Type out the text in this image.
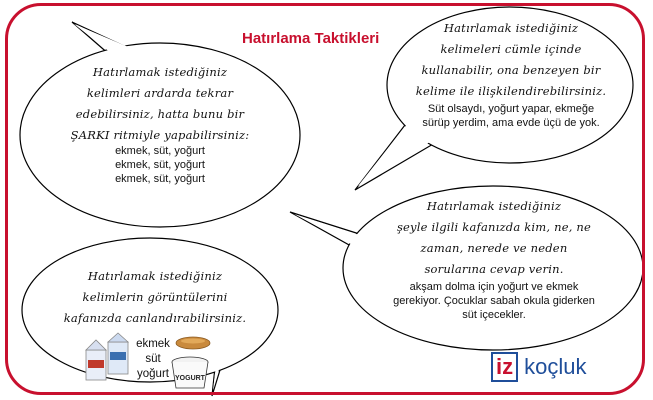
YOGURT
Hatırlama Taktikleri
Hatırlamak istediğiniz
kelimleri ardarda tekrar
edebilirsiniz, hatta bunu bir
ŞARKI ritmiyle yapabilirsiniz:
ekmek, süt, yoğurt
ekmek, süt, yoğurt
ekmek, süt, yoğurt
Hatırlamak istediğiniz
kelimeleri cümle içinde
kullanabilir, ona benzeyen bir
kelime ile ilişkilendirebilirsiniz.
Süt olsaydı, yoğurt yapar, ekmeğe
sürüp yerdim, ama evde üçü de yok.
Hatırlamak istediğiniz
şeyle ilgili kafanızda kim, ne, ne
zaman, nerede ve neden
sorularına cevap verin.
akşam dolma için yoğurt ve ekmek
gerekiyor. Çocuklar sabah okula giderken
süt içecekler.
Hatırlamak istediğiniz
kelimlerin görüntülerini
kafanızda canlandırabilirsiniz.
ekmek
süt
yoğurt	iz koçluk
